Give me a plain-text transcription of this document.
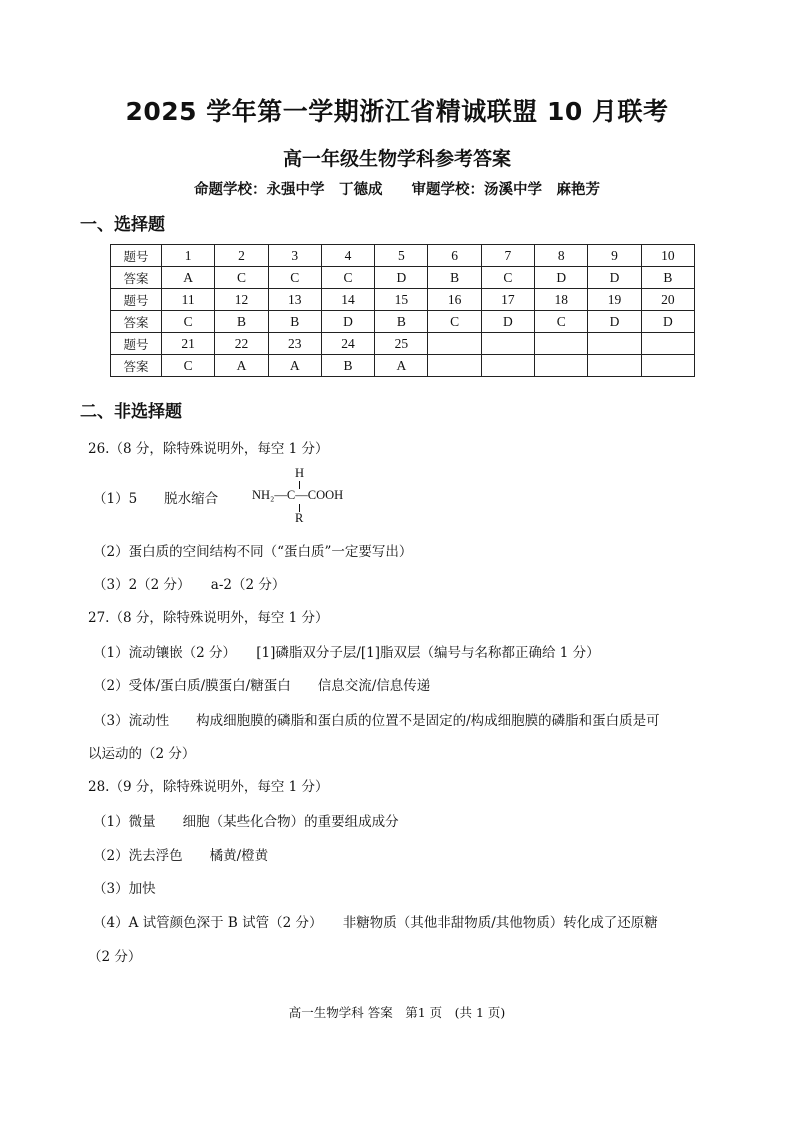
2025 学年第一学期浙江省精诚联盟 10 月联考
高一年级生物学科参考答案
命题学校：永强中学　丁德成　　审题学校：汤溪中学　麻艳芳
一、选择题
题号	1	2	3	4	5	6	7	8	9	10
答案	A	C	C	C	D	B	C	D	D	B
题号	11	12	13	14	15	16	17	18	19	20
答案	C	B	B	D	B	C	D	C	D	D
题号	21	22	23	24	25					
答案	C	A	A	B	A					
二、非选择题
26.（8 分，除特殊说明外，每空 1 分）
（1）5　　脱水缩合
H
NH₂—C—COOH
R
（2）蛋白质的空间结构不同（“蛋白质”一定要写出）
（3）2（2 分）　　a-2（2 分）
27.（8 分，除特殊说明外，每空 1 分）
（1）流动镶嵌（2 分）　　[1]磷脂双分子层/[1]脂双层（编号与名称都正确给 1 分）
（2）受体/蛋白质/膜蛋白/糖蛋白　　信息交流/信息传递
（3）流动性　　构成细胞膜的磷脂和蛋白质的位置不是固定的/构成细胞膜的磷脂和蛋白质是可
以运动的（2 分）
28.（9 分，除特殊说明外，每空 1 分）
（1）微量　　细胞（某些化合物）的重要组成成分
（2）洗去浮色　　橘黄/橙黄
（3）加快
（4）A 试管颜色深于 B 试管（2 分）　　非糖物质（其他非甜物质/其他物质）转化成了还原糖
（2 分）
高一生物学科 答案　第1 页　(共 1 页)
